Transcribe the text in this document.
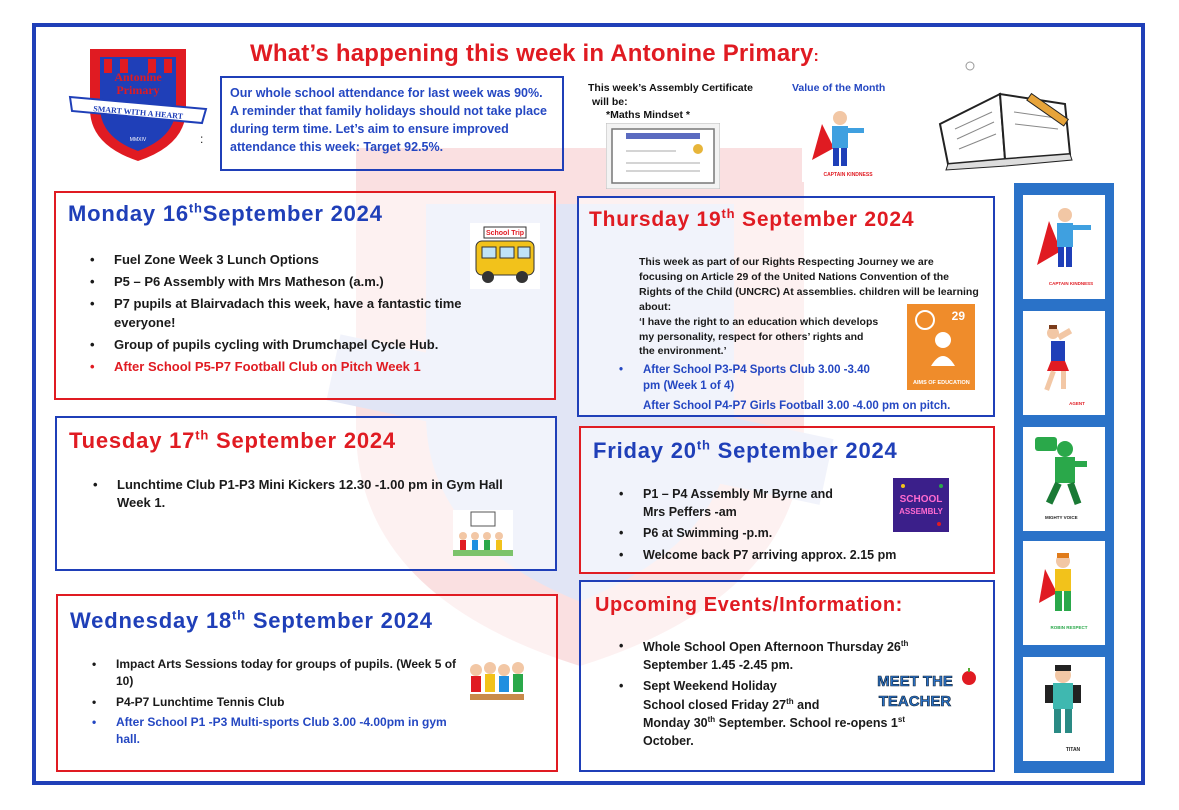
Antonine
Primary
SMART WITH A HEART
MMXIV	:
What’s happening this week in Antonine Primary:
Our whole school attendance for last week was 90%. A reminder that family holidays should not take place during term time. Let’s aim to ensure improved attendance this week: Target 92.5%.
This week’s Assembly Certificate
will be:
*Maths Mindset *
Value of the Month
CAPTAIN KINDNESS
Monday 16thSeptember 2024
• Fuel Zone Week 3 Lunch Options
• P5 – P6 Assembly with Mrs Matheson (a.m.)
• P7 pupils at Blairvadach this week, have a fantastic time everyone!
• Group of pupils cycling with Drumchapel Cycle Hub.
• After School P5-P7 Football Club on Pitch Week 1
School Trip
Tuesday 17th September 2024
• Lunchtime Club P1-P3 Mini Kickers 12.30 -1.00 pm in Gym Hall Week 1.
Wednesday 18th September 2024
• Impact Arts Sessions today for groups of pupils. (Week 5 of 10)
• P4-P7 Lunchtime Tennis Club
• After School P1 -P3 Multi-sports Club 3.00 -4.00pm in gym hall.
Thursday 19th September 2024
This week as part of our Rights Respecting Journey we are focusing on Article 29 of the United Nations Convention of the Rights of the Child (UNCRC) At assemblies. children will be learning about:
‘I have the right to an education which develops my personality, respect for others’ rights and the environment.’
• After School P3-P4 Sports Club 3.00 -3.40 pm (Week 1 of 4)
After School P4-P7 Girls Football 3.00 -4.00 pm on pitch.
29
AIMS OF EDUCATION
Friday 20th September 2024
• P1 – P4 Assembly Mr Byrne and Mrs Peffers -am
• P6 at Swimming -p.m.
• Welcome back P7 arriving approx. 2.15 pm
SCHOOL
ASSEMBLY
Upcoming Events/Information:
• Whole School Open Afternoon Thursday 26th
September 1.45 -2.45 pm.
• Sept Weekend Holiday
School closed Friday 27th and
Monday 30th September. School re-opens 1st
October.
MEET THE
TEACHER
CAPTAIN KINDNESS
AGENT
MIGHTY VOICE
ROBIN RESPECT
TITAN
